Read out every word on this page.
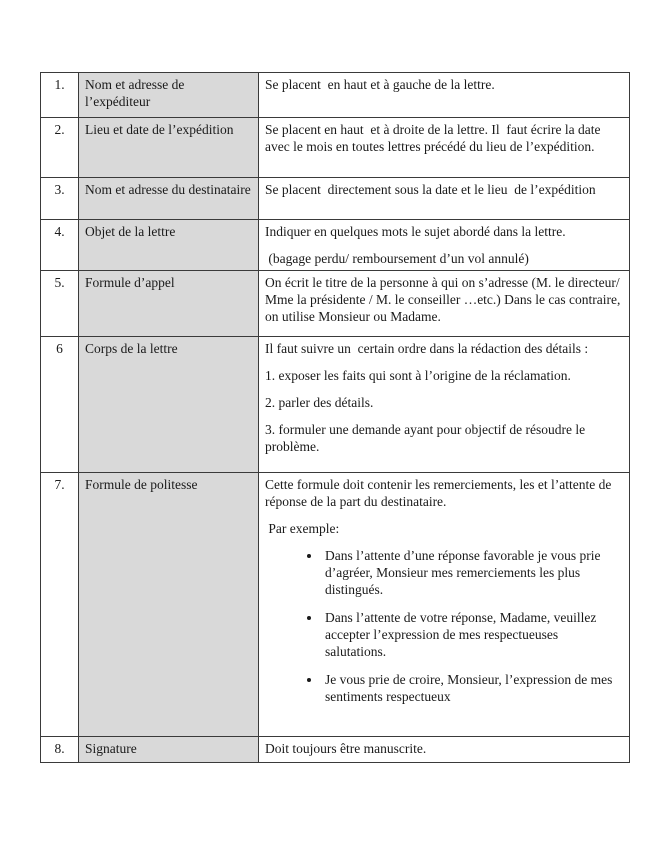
1.	Nom et adresse de l’expéditeur	Se placent  en haut et à gauche de la lettre.

2.	Lieu et date de l’expédition	Se placent en haut  et à droite de la lettre. Il  faut écrire la date avec le mois en toutes lettres précédé du lieu de l’expédition.

3.	Nom et adresse du destinataire	Se placent  directement sous la date et le lieu  de l’expédition

4.	Objet de la lettre	Indiquer en quelques mots le sujet abordé dans la lettre.

(bagage perdu/ remboursement d’un vol annulé)

5.	Formule d’appel	On écrit le titre de la personne à qui on s’adresse (M. le directeur/ Mme la présidente / M. le conseiller …etc.) Dans le cas contraire, on utilise Monsieur ou Madame.

6	Corps de la lettre	Il faut suivre un  certain ordre dans la rédaction des détails :

1. exposer les faits qui sont à l’origine de la réclamation.

2. parler des détails.

3. formuler une demande ayant pour objectif de résoudre le problème.

7.	Formule de politesse	Cette formule doit contenir les remerciements, les et l’attente de réponse de la part du destinataire.

Par exemple:

• Dans l’attente d’une réponse favorable je vous prie d’agréer, Monsieur mes remerciements les plus distingués.
• Dans l’attente de votre réponse, Madame, veuillez accepter l’expression de mes respectueuses salutations.
• Je vous prie de croire, Monsieur, l’expression de mes sentiments respectueux

8.	Signature	Doit toujours être manuscrite.
